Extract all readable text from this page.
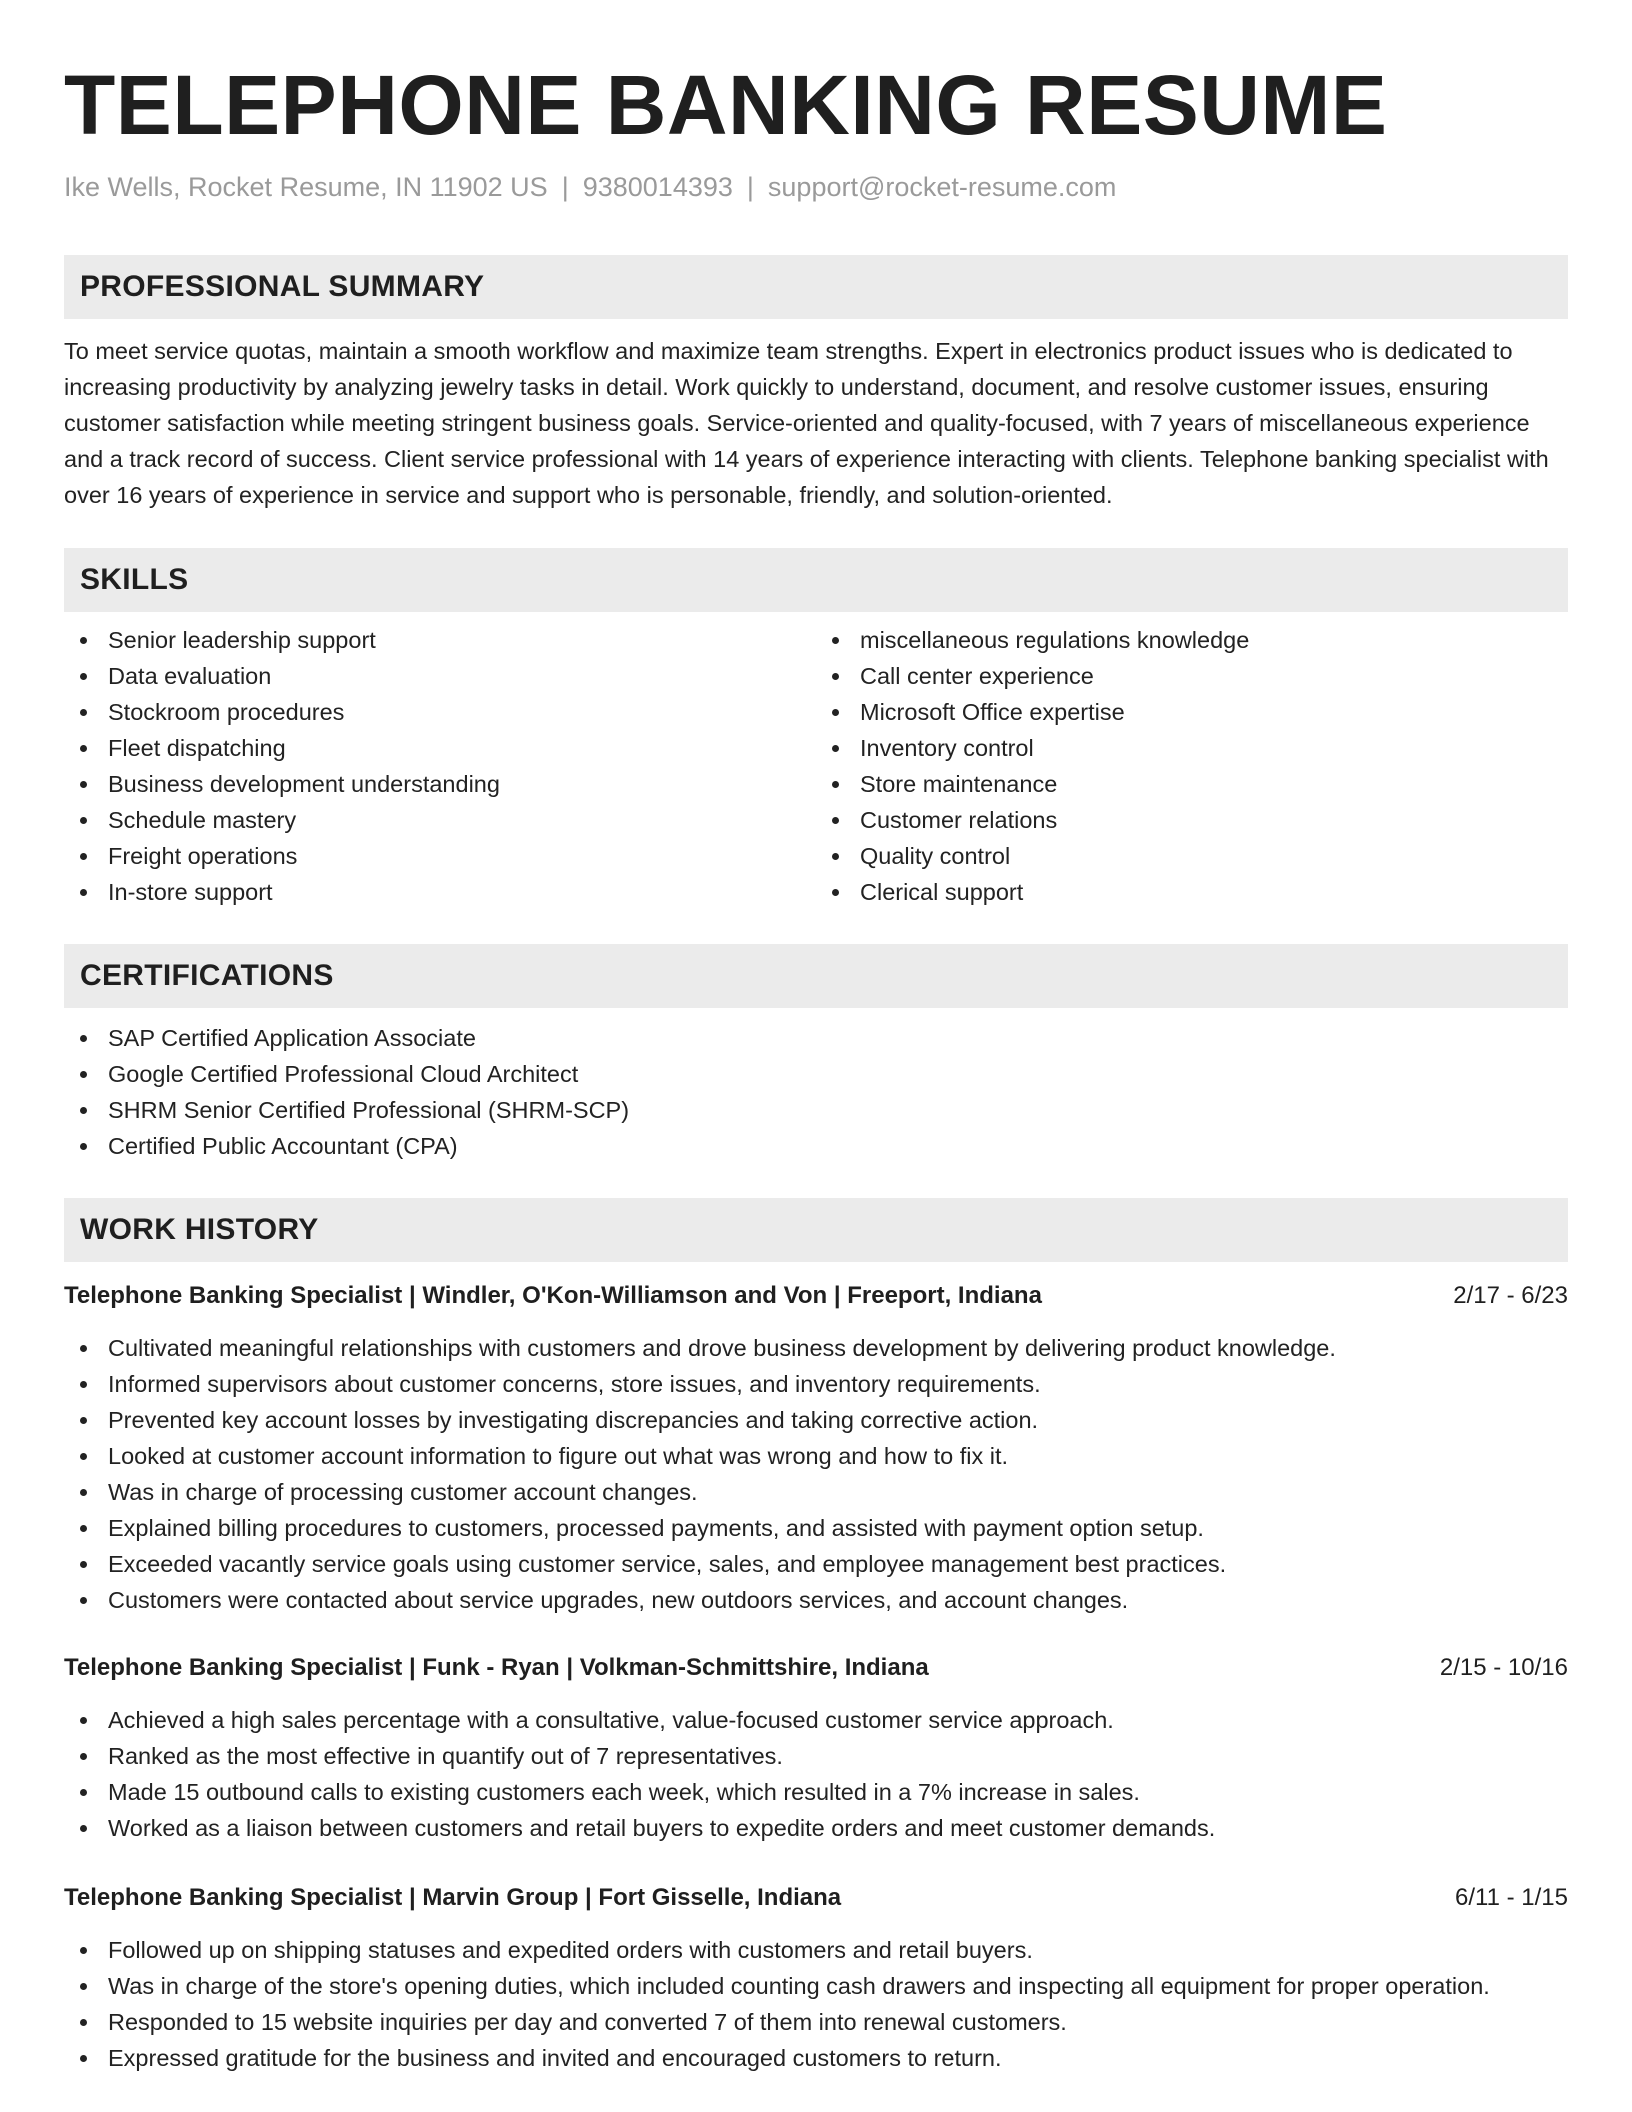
TELEPHONE BANKING RESUME
Ike Wells, Rocket Resume, IN 11902 US | 9380014393 | support@rocket-resume.com
PROFESSIONAL SUMMARY
To meet service quotas, maintain a smooth workflow and maximize team strengths. Expert in electronics product issues who is dedicated to increasing productivity by analyzing jewelry tasks in detail. Work quickly to understand, document, and resolve customer issues, ensuring customer satisfaction while meeting stringent business goals. Service-oriented and quality-focused, with 7 years of miscellaneous experience and a track record of success. Client service professional with 14 years of experience interacting with clients. Telephone banking specialist with over 16 years of experience in service and support who is personable, friendly, and solution-oriented.
SKILLS
Senior leadership support
Data evaluation
Stockroom procedures
Fleet dispatching
Business development understanding
Schedule mastery
Freight operations
In-store support
miscellaneous regulations knowledge
Call center experience
Microsoft Office expertise
Inventory control
Store maintenance
Customer relations
Quality control
Clerical support
CERTIFICATIONS
SAP Certified Application Associate
Google Certified Professional Cloud Architect
SHRM Senior Certified Professional (SHRM-SCP)
Certified Public Accountant (CPA)
WORK HISTORY
Telephone Banking Specialist | Windler, O'Kon-Williamson and Von | Freeport, Indiana	2/17 - 6/23
Cultivated meaningful relationships with customers and drove business development by delivering product knowledge.
Informed supervisors about customer concerns, store issues, and inventory requirements.
Prevented key account losses by investigating discrepancies and taking corrective action.
Looked at customer account information to figure out what was wrong and how to fix it.
Was in charge of processing customer account changes.
Explained billing procedures to customers, processed payments, and assisted with payment option setup.
Exceeded vacantly service goals using customer service, sales, and employee management best practices.
Customers were contacted about service upgrades, new outdoors services, and account changes.
Telephone Banking Specialist | Funk - Ryan | Volkman-Schmittshire, Indiana	2/15 - 10/16
Achieved a high sales percentage with a consultative, value-focused customer service approach.
Ranked as the most effective in quantify out of 7 representatives.
Made 15 outbound calls to existing customers each week, which resulted in a 7% increase in sales.
Worked as a liaison between customers and retail buyers to expedite orders and meet customer demands.
Telephone Banking Specialist | Marvin Group | Fort Gisselle, Indiana	6/11 - 1/15
Followed up on shipping statuses and expedited orders with customers and retail buyers.
Was in charge of the store's opening duties, which included counting cash drawers and inspecting all equipment for proper operation.
Responded to 15 website inquiries per day and converted 7 of them into renewal customers.
Expressed gratitude for the business and invited and encouraged customers to return.
